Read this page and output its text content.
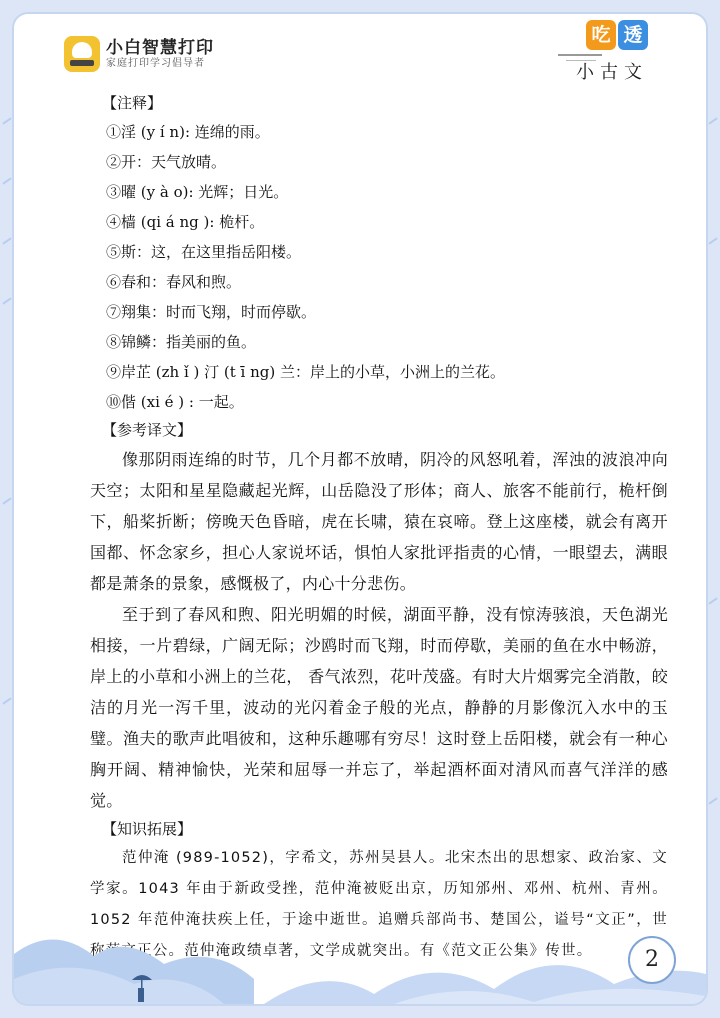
小白智慧打印
家庭打印学习倡导者
吃 透
小古文
【注释】
①淫 (y í n): 连绵的雨。
②开：天气放晴。
③曜 (y à o): 光辉；日光。
④樯 (qi á ng ): 桅杆。
⑤斯：这，在这里指岳阳楼。
⑥春和：春风和煦。
⑦翔集：时而飞翔，时而停歇。
⑧锦鳞：指美丽的鱼。
⑨岸芷 (zh ǐ ) 汀 (t ī ng) 兰：岸上的小草，小洲上的兰花。
⑩偕 (xi é ) : 一起。
【参考译文】

像那阴雨连绵的时节，几个月都不放晴，阴冷的风怒吼着，浑浊的波浪冲向天空；太阳和星星隐藏起光辉，山岳隐没了形体；商人、旅客不能前行，桅杆倒下，船桨折断；傍晚天色昏暗，虎在长啸，猿在哀啼。登上这座楼，就会有离开国都、怀念家乡，担心人家说坏话，惧怕人家批评指责的心情，一眼望去，满眼都是萧条的景象，感慨极了，内心十分悲伤。

至于到了春风和煦、阳光明媚的时候，湖面平静，没有惊涛骇浪，天色湖光相接，一片碧绿，广阔无际；沙鸥时而飞翔，时而停歇，美丽的鱼在水中畅游，岸上的小草和小洲上的兰花， 香气浓烈，花叶茂盛。有时大片烟雾完全消散，皎洁的月光一泻千里，波动的光闪着金子般的光点，静静的月影像沉入水中的玉璧。渔夫的歌声此唱彼和，这种乐趣哪有穷尽！这时登上岳阳楼，就会有一种心胸开阔、精神愉快，光荣和屈辱一并忘了，举起酒杯面对清风而喜气洋洋的感觉。

【知识拓展】

范仲淹 (989-1052)，字希文，苏州吴县人。北宋杰出的思想家、政治家、文学家。1043 年由于新政受挫，范仲淹被贬出京，历知邠州、邓州、杭州、青州。1052 年范仲淹扶疾上任，于途中逝世。追赠兵部尚书、楚国公，谥号“文正”，世称范文正公。范仲淹政绩卓著，文学成就突出。有《范文正公集》传世。	2
